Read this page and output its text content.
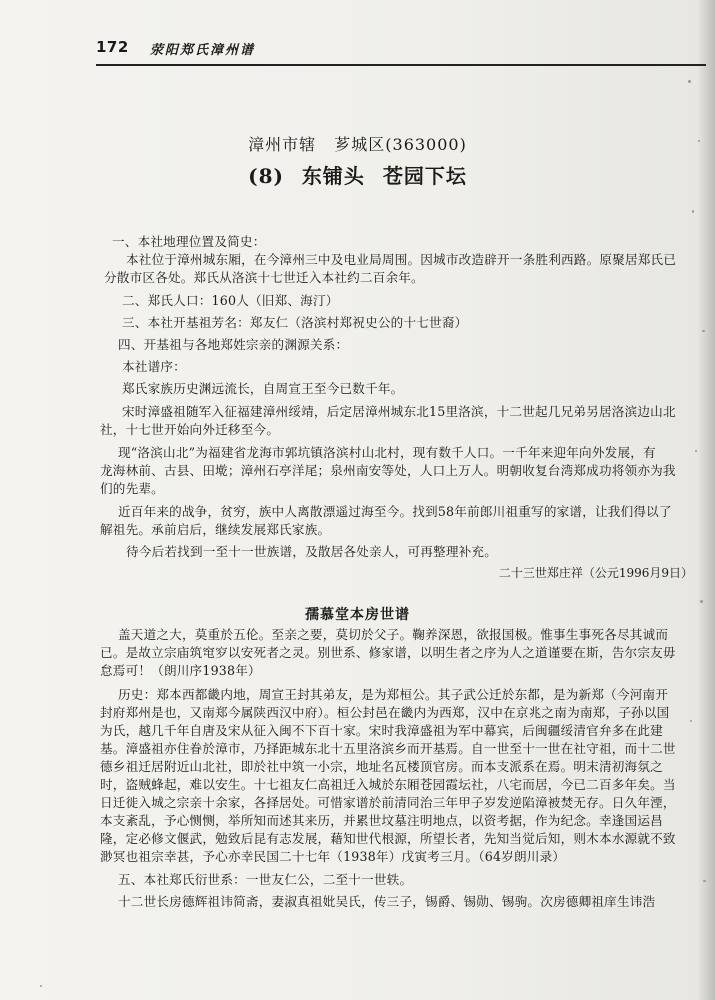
172 荥阳郑氏漳州谱
漳州市辖 芗城区(363000)
(8) 东铺头 苍园下坛
一、本社地理位置及简史：
本社位于漳州城东厢，在今漳州三中及电业局周围。因城市改造辟开一条胜利西路。原聚居郑氏已
分散市区各处。郑氏从洛滨十七世迁入本社约二百余年。
二、郑氏人口：160人（旧郑、海汀）
三、本社开基祖芳名：郑友仁（洛滨村郑祝史公的十七世裔）
四、开基祖与各地郑姓宗亲的渊源关系：
本社谱序：
郑氏家族历史渊远流长，自周宣王至今已数千年。
宋时漳盛祖随军入征福建漳州绥靖，后定居漳州城东北15里洛滨，十二世起几兄弟另居洛滨边山北
社，十七世开始向外迁移至今。
现“洛滨山北”为福建省龙海市郭坑镇洛滨村山北村，现有数千人口。一千年来迎年向外发展，有
龙海林前、古县、田墘；漳州石亭洋尾；泉州南安等处，人口上万人。明朝收复台湾郑成功将领亦为我
们的先辈。
近百年来的战争，贫穷，族中人离散漂遥过海至今。找到58年前郎川祖重写的家谱，让我们得以了
解祖先。承前启后，继续发展郑氏家族。
待今后若找到一至十一世族谱，及散居各处亲人，可再整理补充。
二十三世郑庄祥（公元1996月9日）
孺慕堂本房世谱
盖天道之大，莫重於五伦。至亲之要，莫切於父子。鞠养深恩，欲报国极。惟事生事死各尽其诚而
已。是故立宗庙筑窀穸以安死者之灵。别世系、修家谱，以明生者之序为人之道谨要在斯，告尔宗友毋
怠焉可！（朗川序1938年）
历史：郑本西都畿内地，周宣王封其弟友，是为郑桓公。其子武公迁於东都，是为新郑（今河南开
封府郑州是也，又南郑今属陕西汉中府）。桓公封邑在畿内为西郑，汉中在京兆之南为南郑，子孙以国
为氏，越几千年自唐及宋从征入闽不下百十家。宋时我漳盛祖为军中幕宾，后闽疆绥清官弁多在此建
基。漳盛祖亦住眷於漳市，乃择距城东北十五里洛滨乡而开基焉。自一世至十一世在社守祖，而十二世
德乡祖迁居附近山北社，即於社中筑一小宗，地址名瓦楼顶官房。而本支派系在焉。明末清初海氛之
时，盗贼蜂起，难以安生。十七祖友仁高祖迁入城於东厢苍园霞坛社，八宅而居，今已二百多年矣。当
日迁徙入城之宗亲十余家，各择居处。可惜家谱於前清同治三年甲子岁发逆陷漳被焚无存。日久年湮，
本支紊乱，予心恻恻，举所知而述其来历，并累世坟墓注明地点，以资考据，作为纪念。幸逢国运昌
隆，定必修文偃武，勉致后昆有志发展，藉知世代根源，所望长者，先知当觉后知，则木本水源就不致
渺冥也祖宗幸甚，予心亦幸民国二十七年（1938年）戊寅考三月。（64岁朗川录）
五、本社郑氏衍世系：一世友仁公，二至十一世轶。
十二世长房德辉祖讳简斋，妻淑真祖妣吴氏，传三子，锡爵、锡勋、锡驹。次房德卿祖庠生讳浩
